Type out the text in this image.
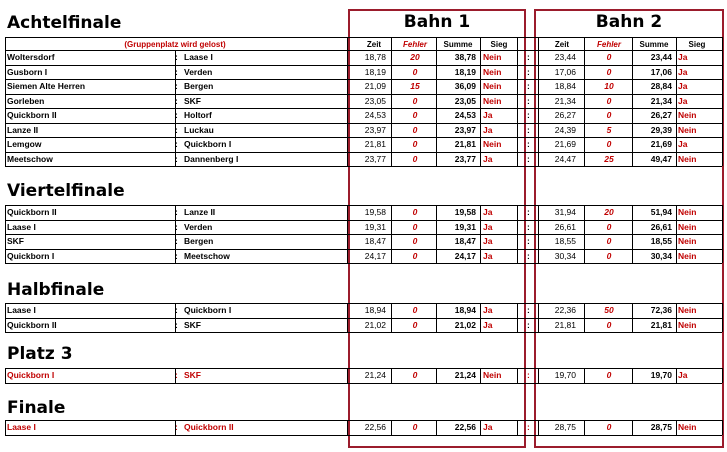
Bahn 1	Bahn 2
Achtelfinale
Viertelfinale
Halbfinale
Platz 3
Finale
(Gruppenplatz wird gelost)	Zeit	Fehler	Summe	Sieg	Zeit	Fehler	Summe	Sieg
Woltersdorf	: Laase I	18,78	20	38,78 Nein	:	23,44	0	23,44 Ja
Gusborn I	: Verden	18,19	0	18,19 Nein	:	17,06	0	17,06 Ja
Siemen Alte Herren	: Bergen	21,09	15	36,09 Nein	:	18,84	10	28,84 Ja
Gorleben	: SKF	23,05	0	23,05 Nein	:	21,34	0	21,34 Ja
Quickborn II	: Holtorf	24,53	0	24,53 Ja	:	26,27	0	26,27 Nein
Lanze II	: Luckau	23,97	0	23,97 Ja	:	24,39	5	29,39 Nein
Lemgow	: Quickborn I	21,81	0	21,81 Nein	:	21,69	0	21,69 Ja
Meetschow	: Dannenberg I	23,77	0	23,77 Ja	:	24,47	25	49,47 Nein
Quickborn II	: Lanze II	19,58	0	19,58 Ja	:	31,94	20	51,94 Nein
Laase I	: Verden	19,31	0	19,31 Ja	:	26,61	0	26,61 Nein
SKF	: Bergen	18,47	0	18,47 Ja	:	18,55	0	18,55 Nein
Quickborn I	: Meetschow	24,17	0	24,17 Ja	:	30,34	0	30,34 Nein
Laase I	: Quickborn I	18,94	0	18,94 Ja	:	22,36	50	72,36 Nein
Quickborn II	: SKF	21,02	0	21,02 Ja	:	21,81	0	21,81 Nein
Quickborn I	: SKF	21,24	0	21,24 Nein	:	19,70	0	19,70 Ja
Laase I	: Quickborn II	22,56	0	22,56 Ja	:	28,75	0	28,75 Nein
